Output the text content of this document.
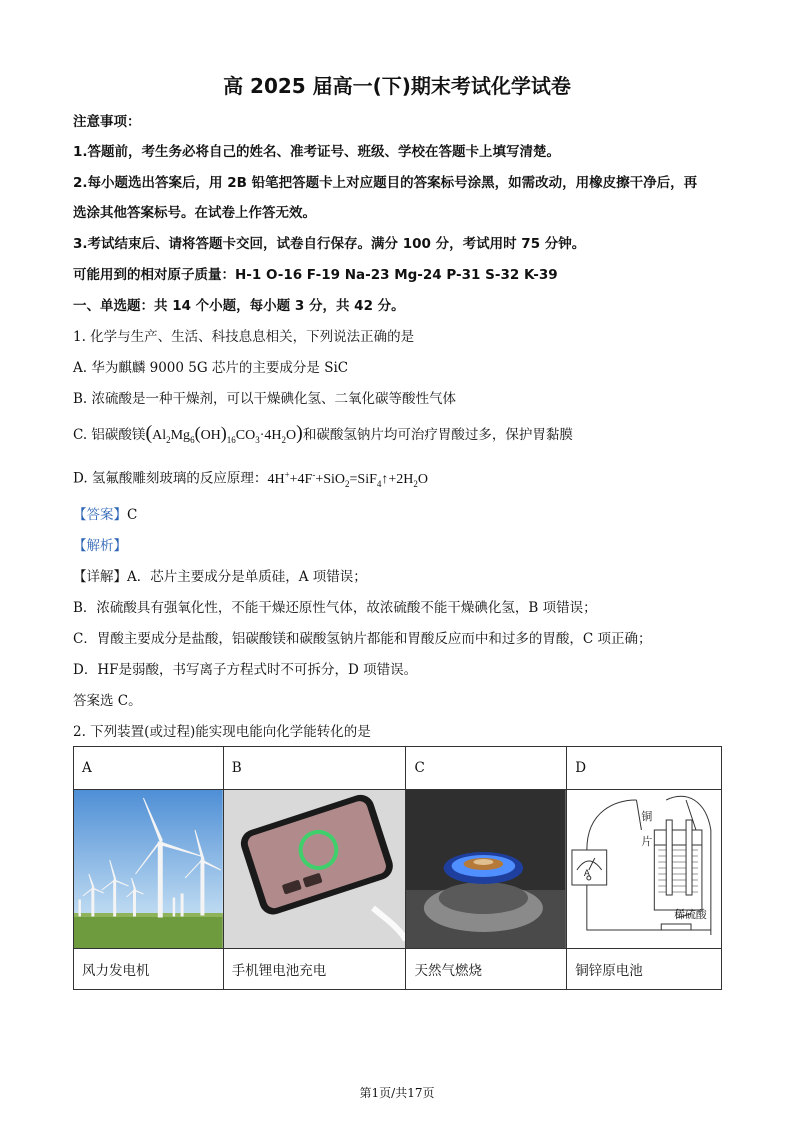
高 2025 届高一(下)期末考试化学试卷
注意事项：
1.答题前，考生务必将自己的姓名、准考证号、班级、学校在答题卡上填写清楚。
2.每小题选出答案后，用 2B 铅笔把答题卡上对应题目的答案标号涂黑，如需改动，用橡皮擦干净后，再
选涂其他答案标号。在试卷上作答无效。
3.考试结束后、请将答题卡交回，试卷自行保存。满分 100 分，考试用时 75 分钟。
可能用到的相对原子质量：H-1 O-16 F-19 Na-23 Mg-24 P-31 S-32 K-39
一、单选题：共 14 个小题，每小题 3 分，共 42 分。
1. 化学与生产、生活、科技息息相关，下列说法正确的是
A. 华为麒麟 9000 5G 芯片的主要成分是 SiC
B. 浓硫酸是一种干燥剂，可以干燥碘化氢、二氧化碳等酸性气体
C. 铝碳酸镁$(Al_2Mg_6(OH)_{16}CO_3\cdot 4H_2O)$和碳酸氢钠片均可治疗胃酸过多，保护胃黏膜
D. 氢氟酸雕刻玻璃的反应原理：$4H^++4F^-+SiO_2=SiF_4↑+2H_2O$
【答案】C
【解析】
【详解】A．芯片主要成分是单质硅，A 项错误；
B．浓硫酸具有强氧化性，不能干燥还原性气体，故浓硫酸不能干燥碘化氢，B 项错误；
C．胃酸主要成分是盐酸，铝碳酸镁和碳酸氢钠片都能和胃酸反应而中和过多的胃酸，C 项正确；
D．HF是弱酸，书写离子方程式时不可拆分，D 项错误。
答案选 C。
2. 下列装置(或过程)能实现电能向化学能转化的是
A	B	C	D

铜
片
稀硫酸
A

风力发电机	手机锂电池充电	天然气燃烧	铜锌原电池
第1页/共17页
